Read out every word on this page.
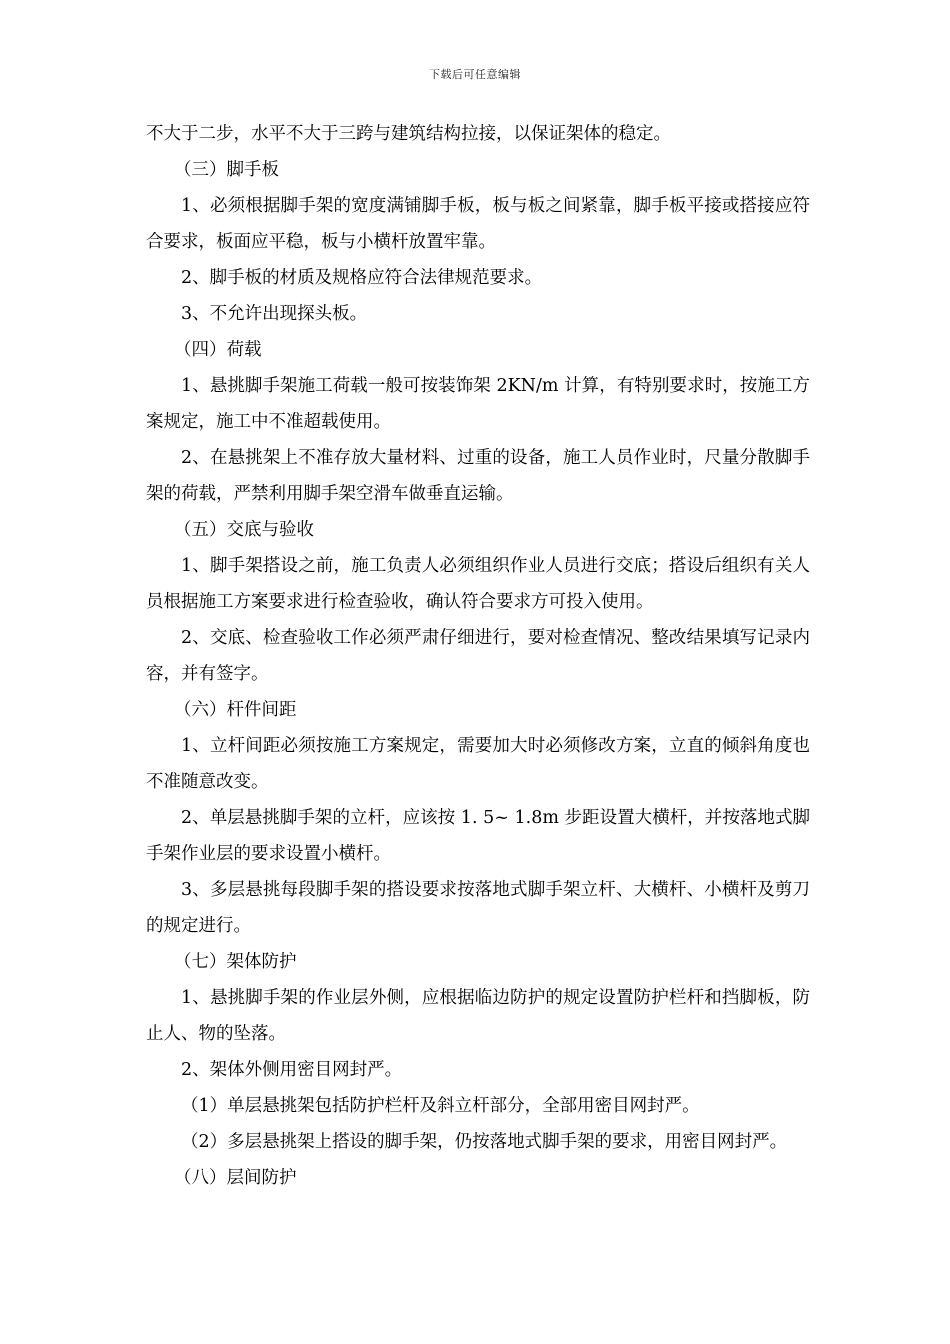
下载后可任意编辑

不大于二步，水平不大于三跨与建筑结构拉接，以保证架体的稳定。

（三）脚手板

1、必须根据脚手架的宽度满铺脚手板，板与板之间紧靠，脚手板平接或搭接应符合要求，板面应平稳，板与小横杆放置牢靠。

2、脚手板的材质及规格应符合法律规范要求。

3、不允许出现探头板。

（四）荷载

1、悬挑脚手架施工荷载一般可按装饰架 2KN/m 计算，有特别要求时，按施工方案规定，施工中不准超载使用。

2、在悬挑架上不准存放大量材料、过重的设备，施工人员作业时，尺量分散脚手架的荷载，严禁利用脚手架空滑车做垂直运输。

（五）交底与验收

1、脚手架搭设之前，施工负责人必须组织作业人员进行交底；搭设后组织有关人员根据施工方案要求进行检查验收，确认符合要求方可投入使用。

2、交底、检查验收工作必须严肃仔细进行，要对检查情况、整改结果填写记录内容，并有签字。

（六）杆件间距

1、立杆间距必须按施工方案规定，需要加大时必须修改方案，立直的倾斜角度也不准随意改变。

2、单层悬挑脚手架的立杆，应该按 1. 5~ 1.8m 步距设置大横杆，并按落地式脚手架作业层的要求设置小横杆。

3、多层悬挑每段脚手架的搭设要求按落地式脚手架立杆、大横杆、小横杆及剪刀的规定进行。

（七）架体防护

1、悬挑脚手架的作业层外侧，应根据临边防护的规定设置防护栏杆和挡脚板，防止人、物的坠落。

2、架体外侧用密目网封严。

（1）单层悬挑架包括防护栏杆及斜立杆部分，全部用密目网封严。

（2）多层悬挑架上搭设的脚手架，仍按落地式脚手架的要求，用密目网封严。

（八）层间防护
